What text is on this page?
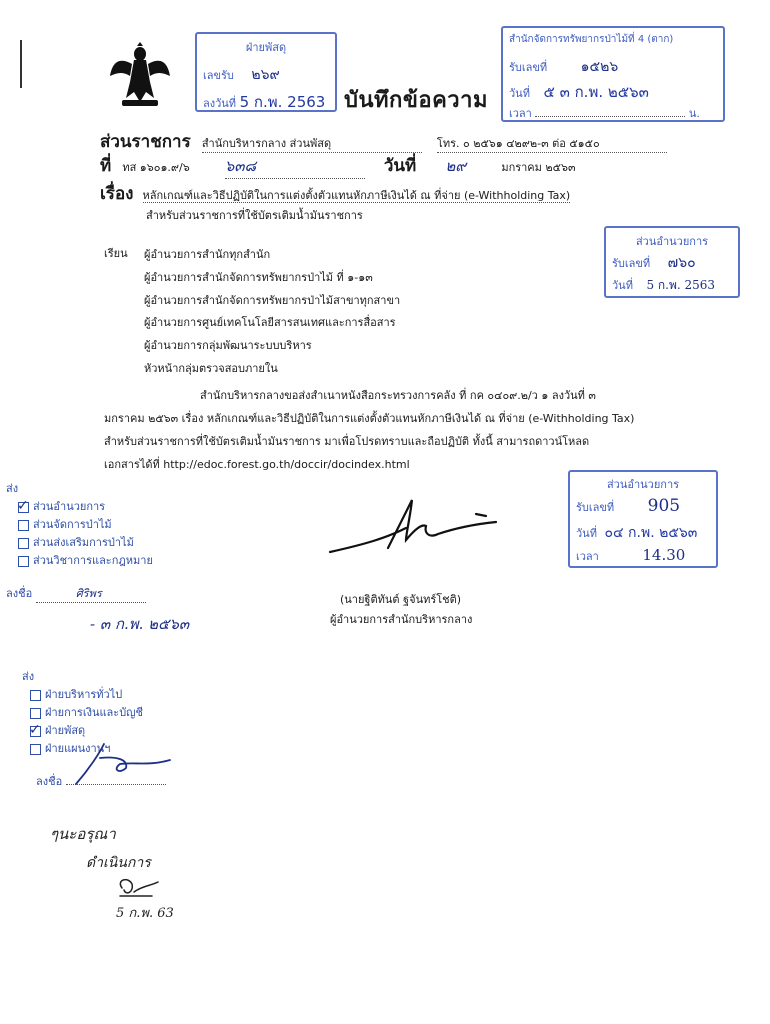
ฝ่ายพัสดุ
เลขรับ ๒๖๙
ลงวันที่ 5 ก.พ. 2563 บันทึกข้อความ
สำนักจัดการทรัพยากรป่าไม้ที่ 4 (ตาก)
รับเลขที่ ๑๕๒๖
วันที่ ๕ ๓ ก.พ. ๒๕๖๓
เวลา	น.
ส่วนราชการ สำนักบริหารกลาง ส่วนพัสดุ	โทร. ๐ ๒๕๖๑ ๔๒๙๒-๓ ต่อ ๕๑๕๐
ที่ ทส ๑๖๐๑.๙/๖ ๖๓๘	วันที่ ๒๙	มกราคม ๒๕๖๓
เรื่อง หลักเกณฑ์และวิธีปฏิบัติในการแต่งตั้งตัวแทนหักภาษีเงินได้ ณ ที่จ่าย (e-Withholding Tax)
สำหรับส่วนราชการที่ใช้บัตรเติมน้ำมันราชการ
เรียน ผู้อำนวยการสำนักทุกสำนัก
ผู้อำนวยการสำนักจัดการทรัพยากรป่าไม้ ที่ ๑-๑๓
ผู้อำนวยการสำนักจัดการทรัพยากรป่าไม้สาขาทุกสาขา
ผู้อำนวยการศูนย์เทคโนโลยีสารสนเทศและการสื่อสาร
ผู้อำนวยการกลุ่มพัฒนาระบบบริหาร
หัวหน้ากลุ่มตรวจสอบภายใน
ส่วนอำนวยการ
รับเลขที่ ๗๖๐
วันที่ 5 ก.พ. 2563
สำนักบริหารกลางขอส่งสำเนาหนังสือกระทรวงการคลัง ที่ กค ๐๔๐๙.๒/ว ๑ ลงวันที่ ๓
มกราคม ๒๕๖๓ เรื่อง หลักเกณฑ์และวิธีปฏิบัติในการแต่งตั้งตัวแทนหักภาษีเงินได้ ณ ที่จ่าย (e-Withholding Tax)
สำหรับส่วนราชการที่ใช้บัตรเติมน้ำมันราชการ มาเพื่อโปรดทราบและถือปฏิบัติ ทั้งนี้ สามารถดาวน์โหลด
เอกสารได้ที่ http://edoc.forest.go.th/doccir/docindex.html
ส่วนอำนวยการ
รับเลขที่ 905
วันที่ ๐๔ ก.พ. ๒๕๖๓
เวลา	14.30
ส่ง
✓ ส่วนอำนวยการ
ส่วนจัดการป่าไม้
ส่วนส่งเสริมการป่าไม้
ส่วนวิชาการและกฎหมาย
ลงชื่อ	ศิริพร
- ๓ ก.พ. ๒๕๖๓
(นายฐิติทันต์ ฐจันทร์โชติ)
ผู้อำนวยการสำนักบริหารกลาง
ส่ง
ฝ่ายบริหารทั่วไป
ฝ่ายการเงินและบัญชี
✓ ฝ่ายพัสดุ
ฝ่ายแผนงานฯ
ลงชื่อ
ๆนะอรุณา
ดำเนินการ
5 ก.พ. 63
